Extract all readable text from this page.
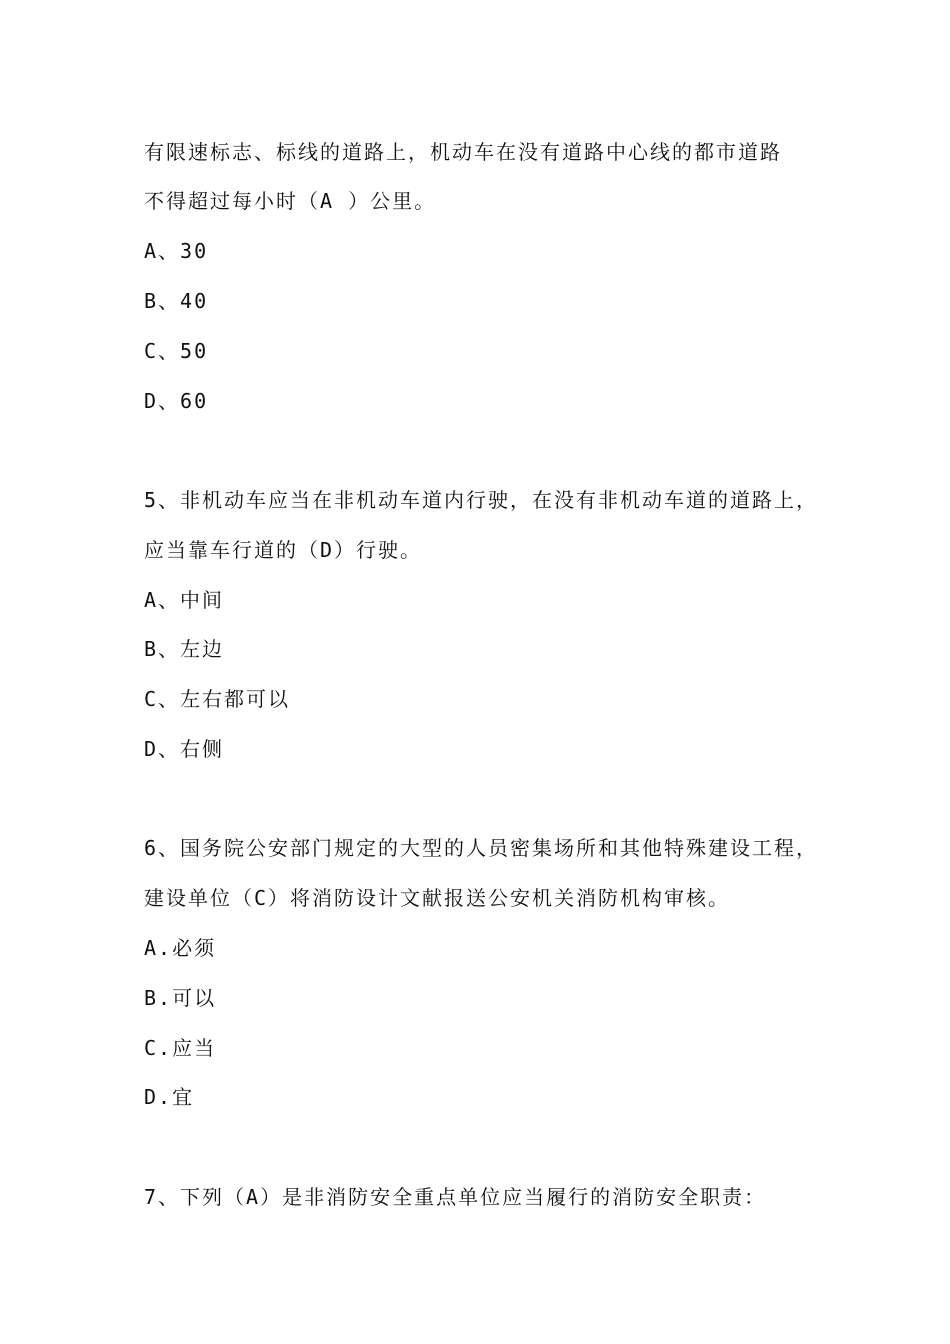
有限速标志、标线的道路上，机动车在没有道路中心线的都市道路
不得超过每小时（A ）公里。
A、30
B、40
C、50
D、60
5、非机动车应当在非机动车道内行驶，在没有非机动车道的道路上，
应当靠车行道的（D）行驶。
A、中间
B、左边
C、左右都可以
D、右侧
6、国务院公安部门规定的大型的人员密集场所和其他特殊建设工程，
建设单位（C）将消防设计文献报送公安机关消防机构审核。
A.必须
B.可以
C.应当
D.宜
7、下列（A）是非消防安全重点单位应当履行的消防安全职责：
